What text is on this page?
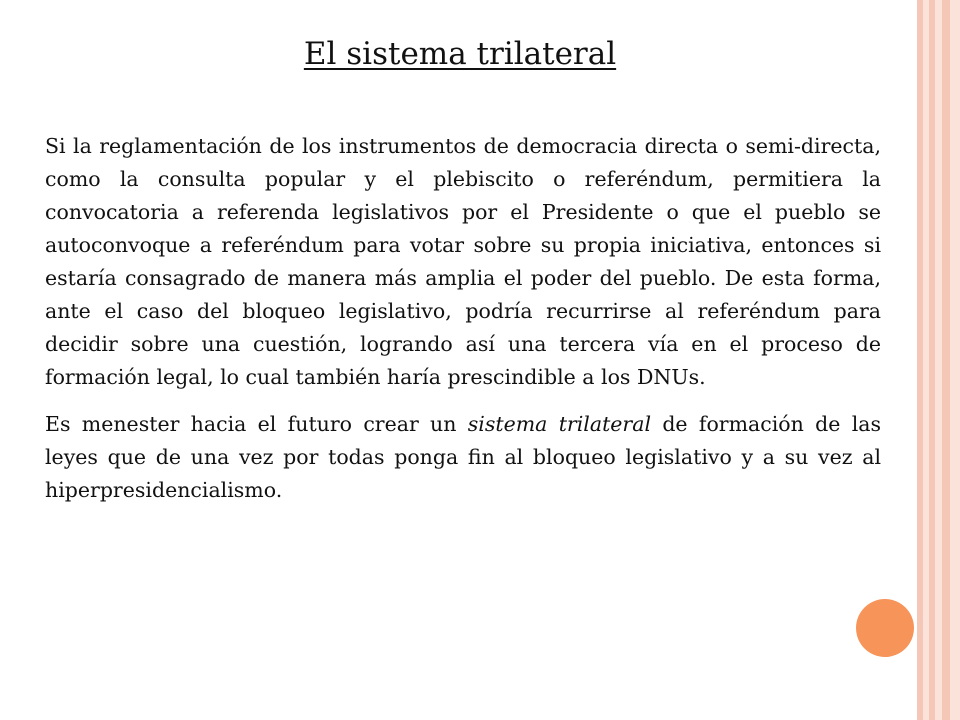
El sistema trilateral

Si la reglamentación de los instrumentos de democracia directa o semi-directa, como la consulta popular y el plebiscito o referéndum, permitiera la convocatoria a referenda legislativos por el Presidente o que el pueblo se autoconvoque a referéndum para votar sobre su propia iniciativa, entonces si estaría consagrado de manera más amplia el poder del pueblo. De esta forma, ante el caso del bloqueo legislativo, podría recurrirse al referéndum para decidir sobre una cuestión, logrando así una tercera vía en el proceso de formación legal, lo cual también haría prescindible a los DNUs.

Es menester hacia el futuro crear un sistema trilateral de formación de las leyes que de una vez por todas ponga fin al bloqueo legislativo y a su vez al hiperpresidencialismo.
